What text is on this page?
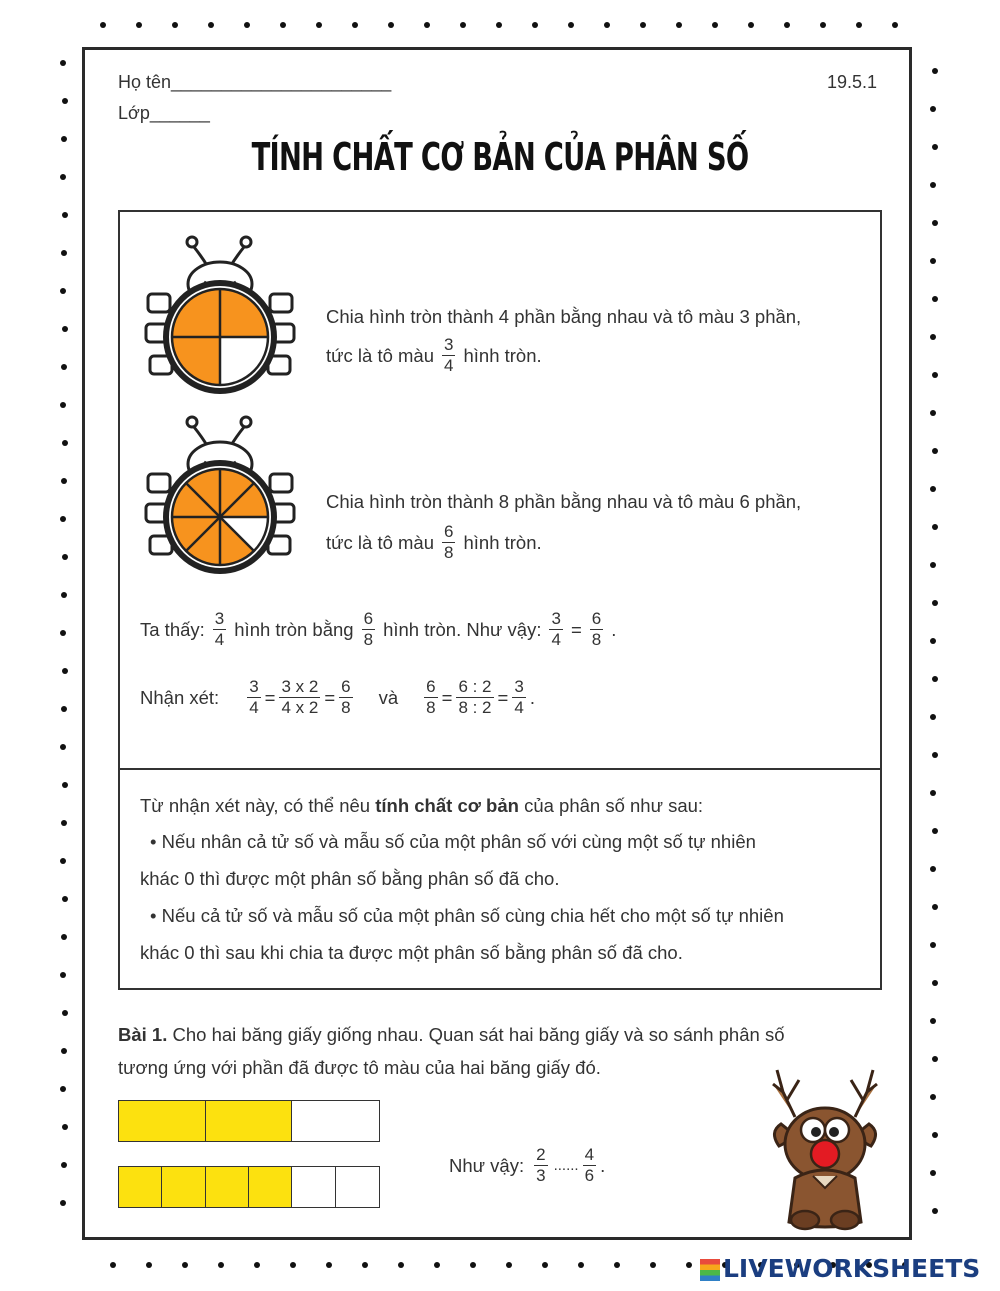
Họ tên______________________
Lớp______
19.5.1
TÍNH CHẤT CƠ BẢN CỦA PHÂN SỐ
Chia hình tròn thành 4 phần bằng nhau và tô màu 3 phần,
tức là tô màu $\frac{3}{4}$ hình tròn.
Chia hình tròn thành 8 phần bằng nhau và tô màu 6 phần,
tức là tô màu $\frac{6}{8}$ hình tròn.
Ta thấy: $\frac{3}{4}$ hình tròn bằng $\frac{6}{8}$ hình tròn. Như vậy: $\frac{3}{4} = \frac{6}{8}$ .
Nhận xét: $\frac{3}{4} = \frac{3 x 2}{4 x 2} = \frac{6}{8}$ và $\frac{6}{8} = \frac{6 : 2}{8 : 2} = \frac{3}{4}$ .
Từ nhận xét này, có thể nêu tính chất cơ bản của phân số như sau:
• Nếu nhân cả tử số và mẫu số của một phân số với cùng một số tự nhiên
khác 0 thì được một phân số bằng phân số đã cho.
• Nếu cả tử số và mẫu số của một phân số cùng chia hết cho một số tự nhiên
khác 0 thì sau khi chia ta được một phân số bằng phân số đã cho.
Bài 1. Cho hai băng giấy giống nhau. Quan sát hai băng giấy và so sánh phân số
tương ứng với phần đã được tô màu của hai băng giấy đó.
Như vậy: $\frac{2}{3}$ ...... $\frac{4}{6}$ .
LIVEWORKSHEETS
